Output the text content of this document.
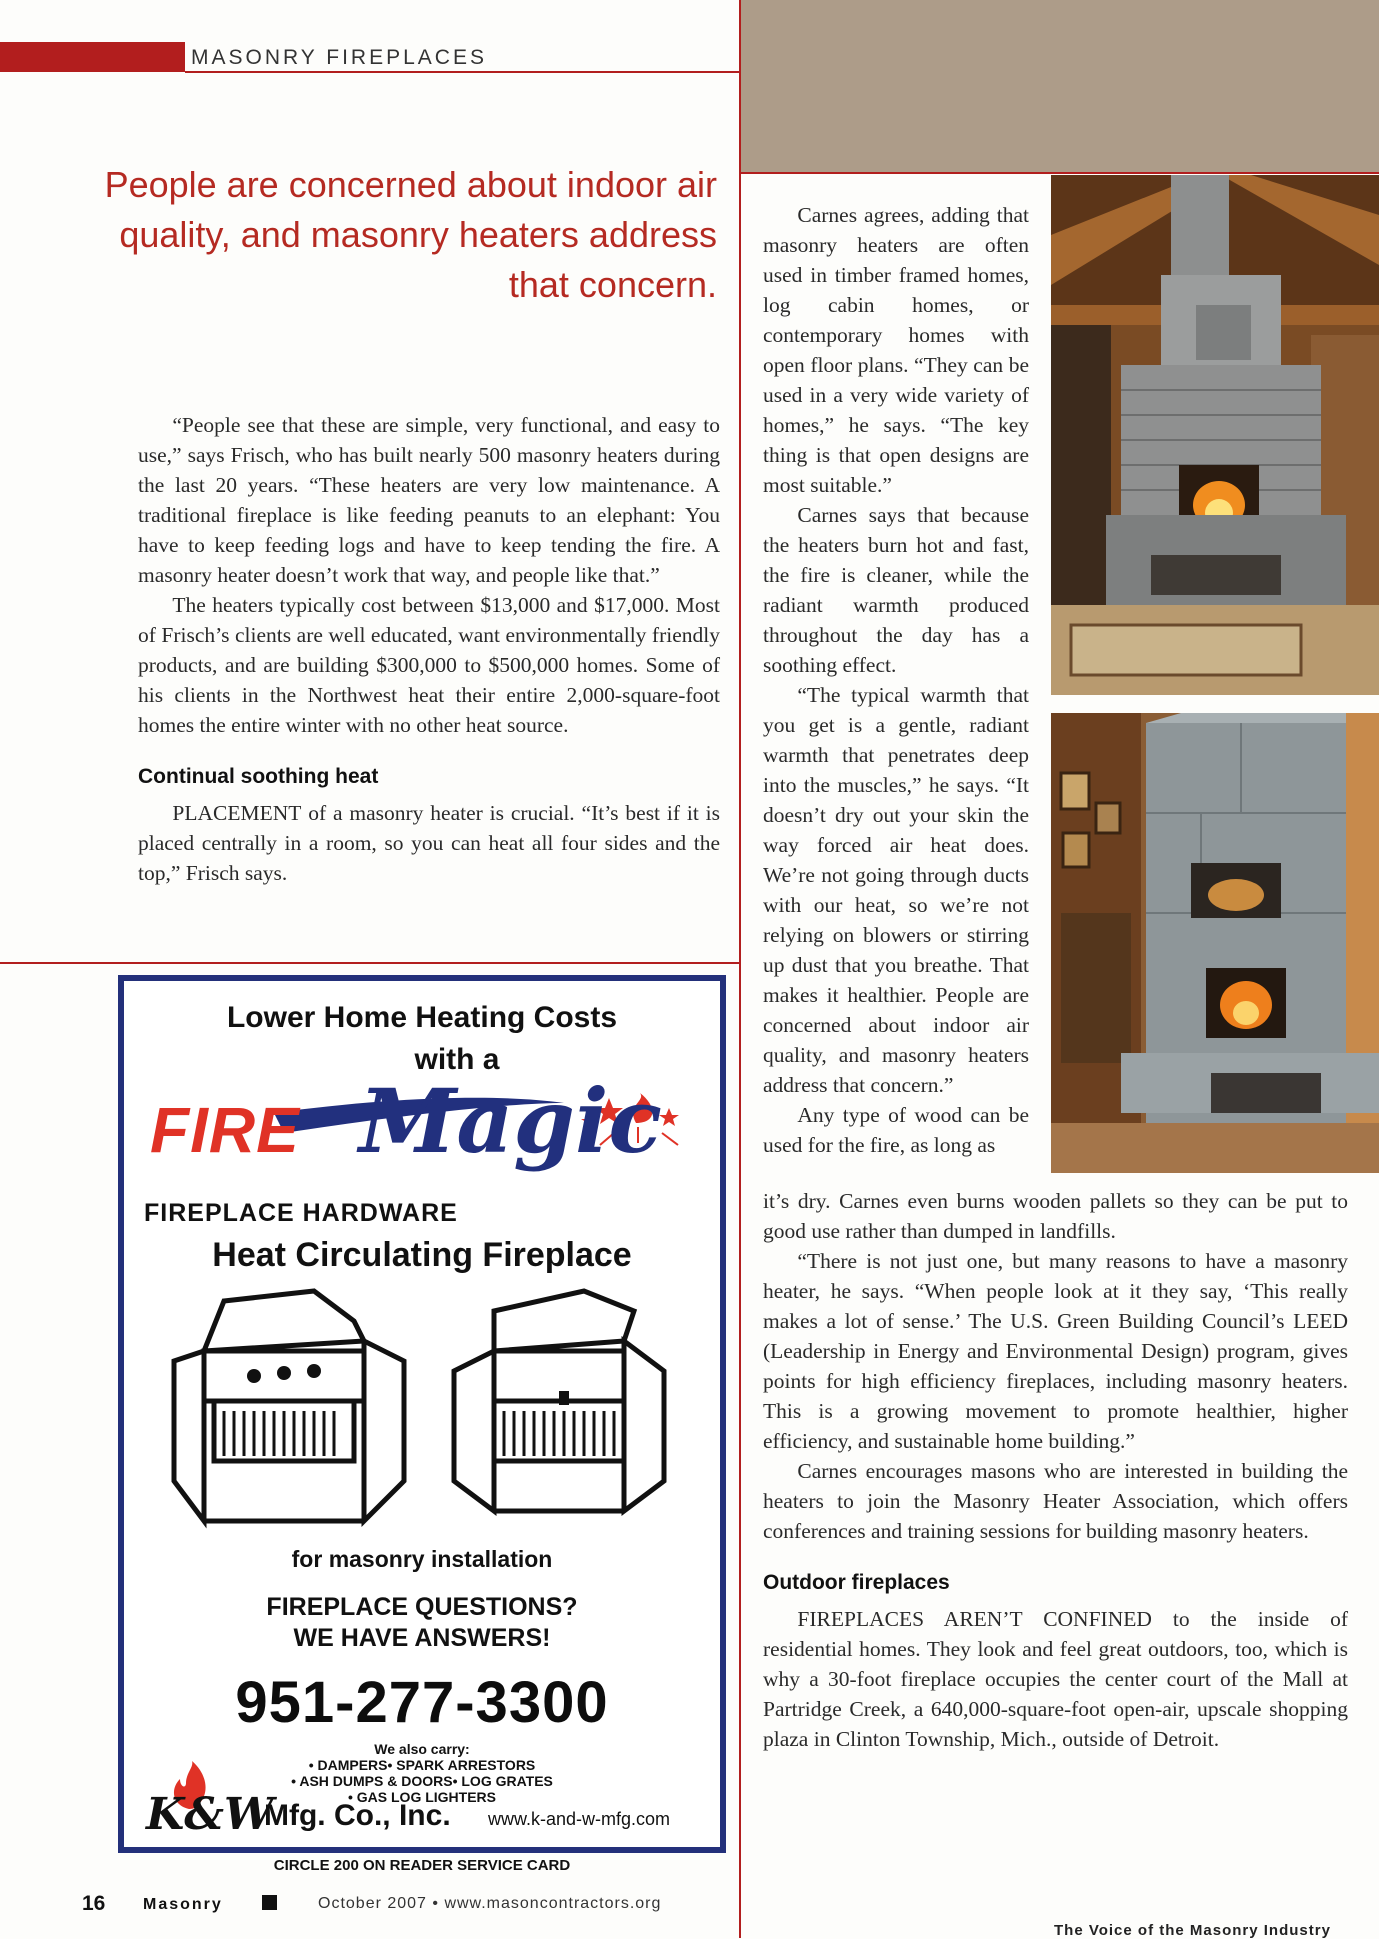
MASONRY FIREPLACES
People are concerned about indoor air quality, and masonry heaters address that concern.

“People see that these are simple, very functional, and easy to use,” says Frisch, who has built nearly 500 masonry heaters during the last 20 years. “These heaters are very low maintenance. A traditional fireplace is like feeding peanuts to an elephant: You have to keep feeding logs and have to keep tending the fire. A masonry heater doesn’t work that way, and people like that.”

The heaters typically cost between $13,000 and $17,000. Most of Frisch’s clients are well educated, want environmentally friendly products, and are building $300,000 to $500,000 homes. Some of his clients in the Northwest heat their entire 2,000-square-foot homes the entire winter with no other heat source.

Continual soothing heat

PLACEMENT of a masonry heater is crucial. “It’s best if it is placed centrally in a room, so you can heat all four sides and the top,” Frisch says.

Carnes agrees, adding that masonry heaters are often used in timber framed homes, log cabin homes, or contemporary homes with open floor plans. “They can be used in a very wide variety of homes,” he says. “The key thing is that open designs are most suitable.”

Carnes says that because the heaters burn hot and fast, the fire is cleaner, while the radiant warmth produced throughout the day has a soothing effect.

“The typical warmth that you get is a gentle, radiant warmth that penetrates deep into the muscles,” he says. “It doesn’t dry out your skin the way forced air heat does. We’re not going through ducts with our heat, so we’re not relying on blowers or stirring up dust that you breathe. That makes it healthier. People are concerned about indoor air quality, and masonry heaters address that concern.”

Any type of wood can be used for the fire, as long as

it’s dry. Carnes even burns wooden pallets so they can be put to good use rather than dumped in landfills.

“There is not just one, but many reasons to have a masonry heater, he says. “When people look at it they say, ‘This really makes a lot of sense.’ The U.S. Green Building Council’s LEED (Leadership in Energy and Environmental Design) program, gives points for high efficiency fireplaces, including masonry heaters. This is a growing movement to promote healthier, higher efficiency, and sustainable home building.”

Carnes encourages masons who are interested in building the heaters to join the Masonry Heater Association, which offers conferences and training sessions for building masonry heaters.

Outdoor fireplaces

FIREPLACES AREN’T CONFINED to the inside of residential homes. They look and feel great outdoors, too, which is why a 30-foot fireplace occupies the center court of the Mall at Partridge Creek, a 640,000-square-foot open-air, upscale shopping plaza in Clinton Township, Mich., outside of Detroit.

Lower Home Heating Costs
with a
FIRE Magic
FIREPLACE HARDWARE
Heat Circulating Fireplace
for masonry installation
FIREPLACE QUESTIONS?
WE HAVE ANSWERS!
951-277-3300
We also carry:
• DAMPERS• SPARK ARRESTORS
• ASH DUMPS & DOORS• LOG GRATES
• GAS LOG LIGHTERS
K&W
Mfg. Co., Inc. www.k-and-w-mfg.com
CIRCLE 200 ON READER SERVICE CARD
16 Masonry	October 2007 • www.masoncontractors.org
The Voice of the Masonry Industry
